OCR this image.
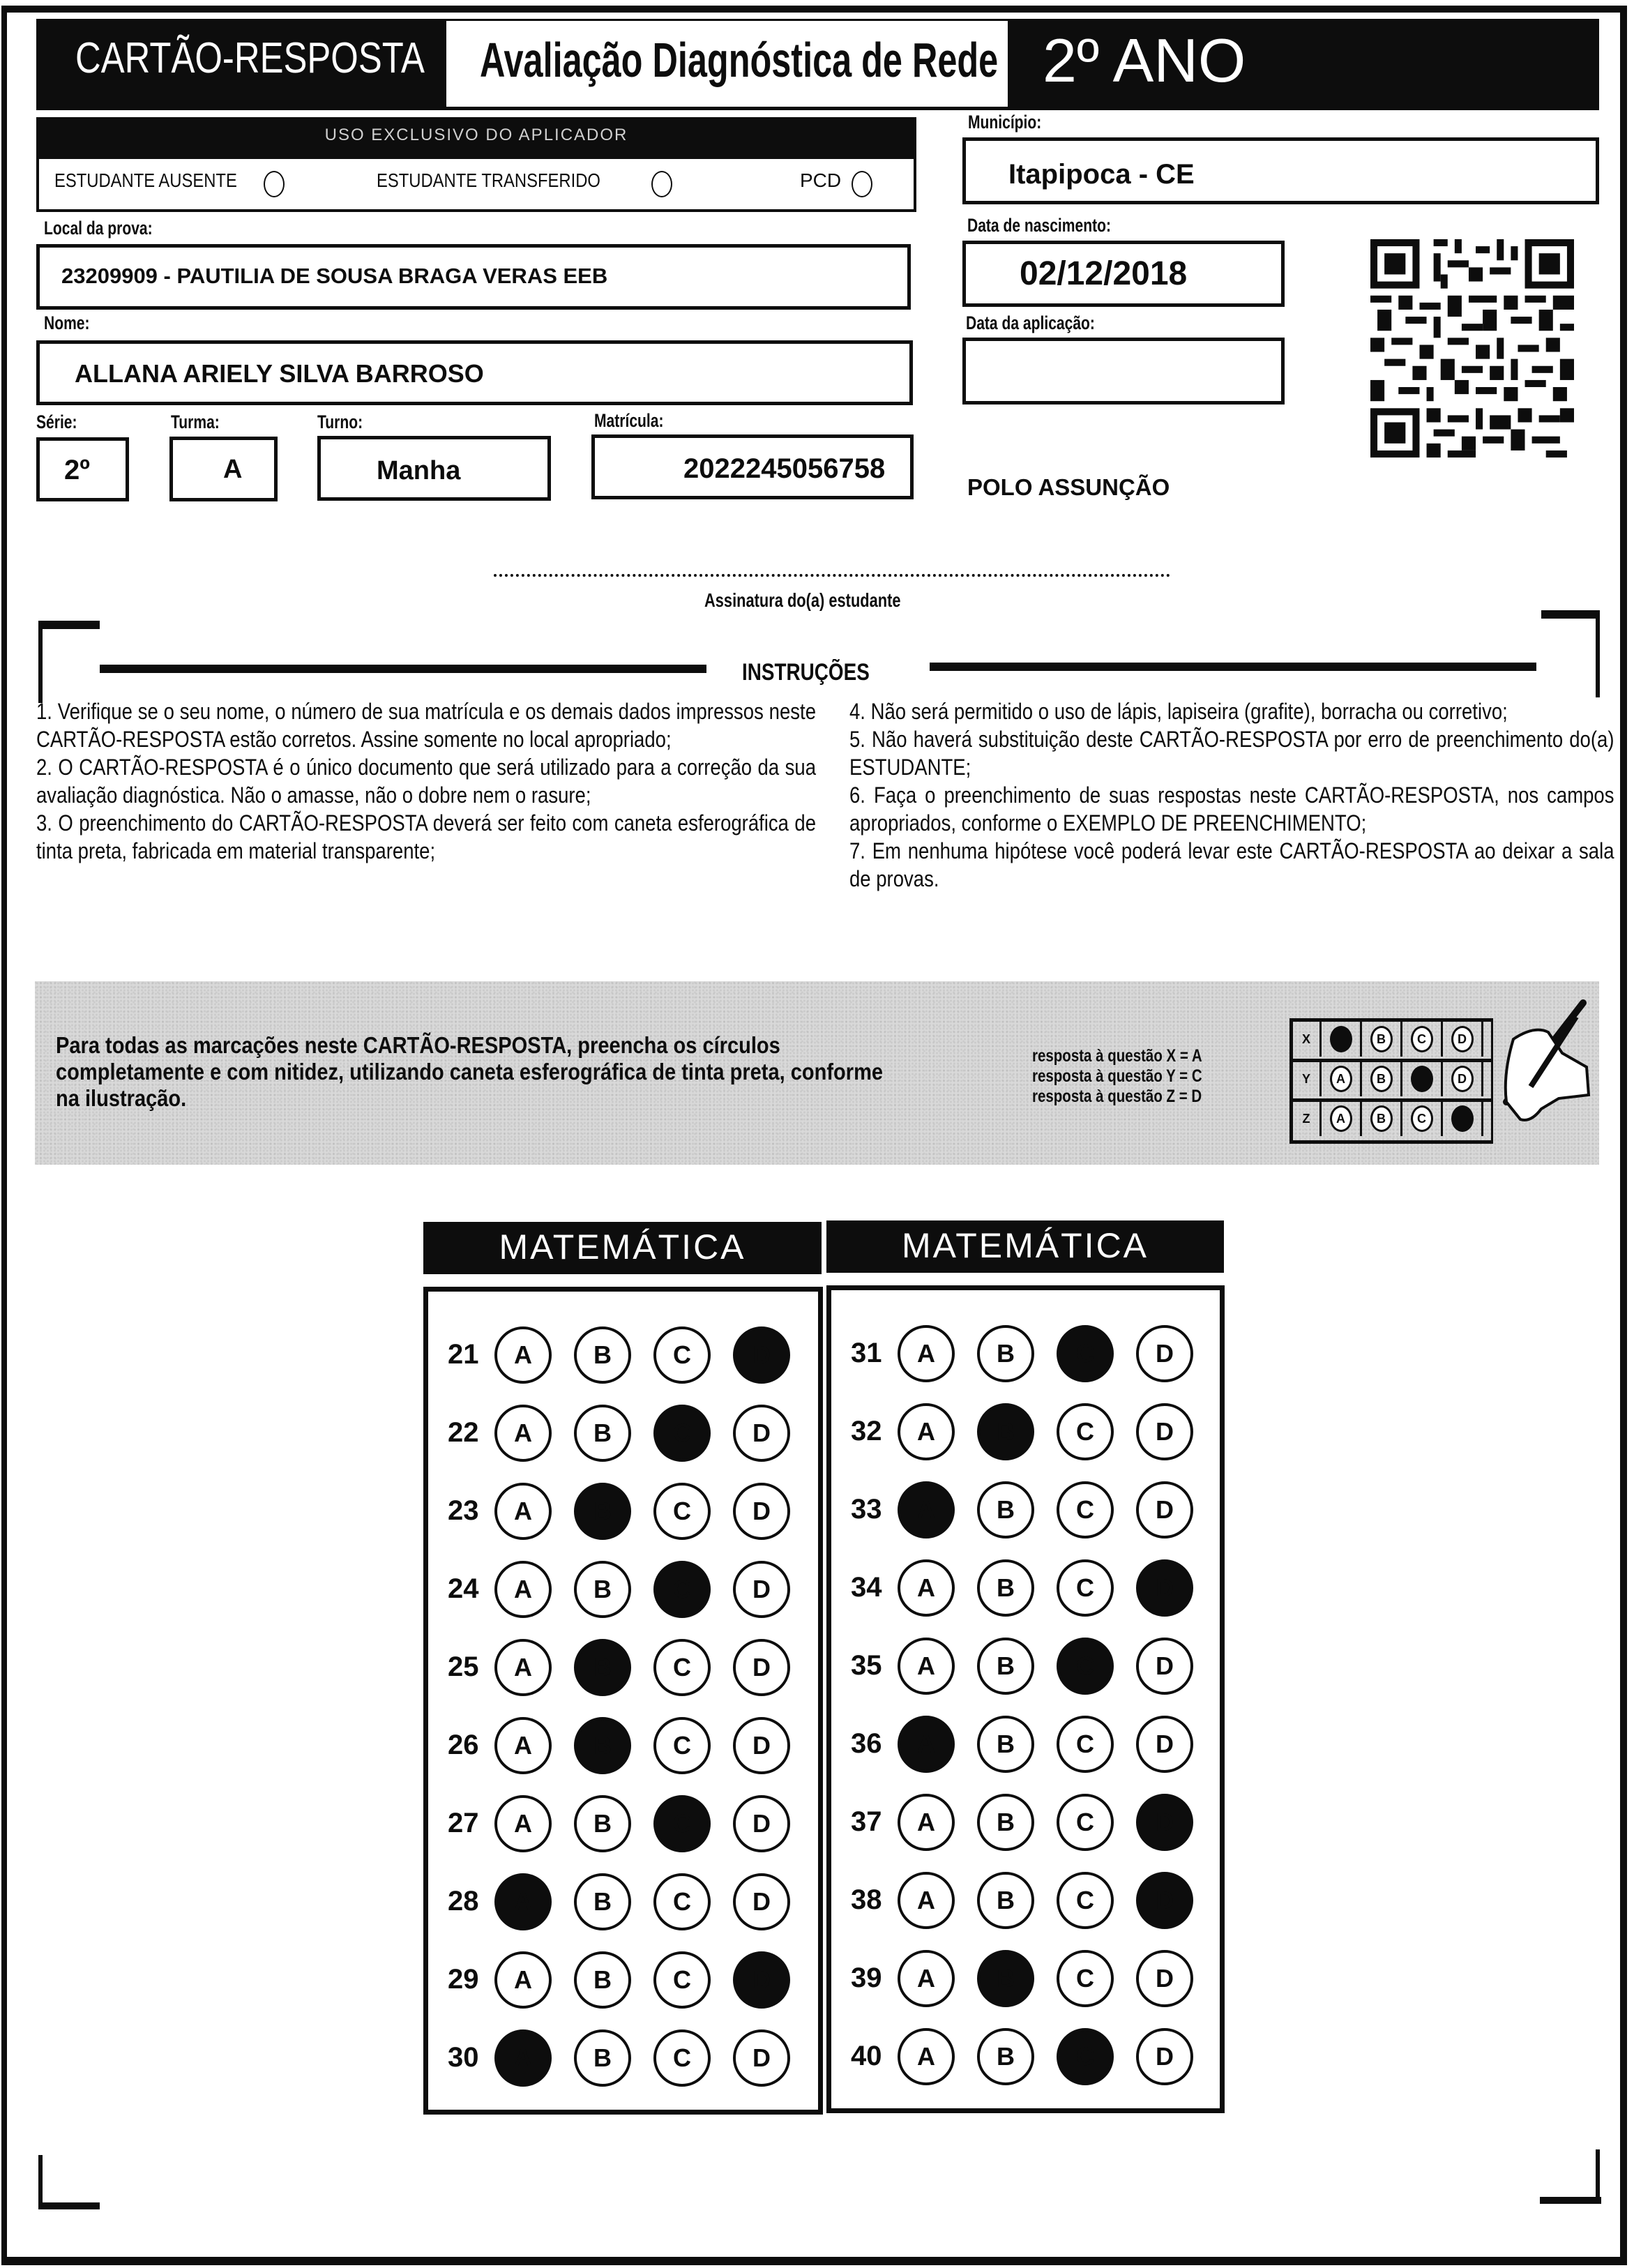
CARTÃO-RESPOSTA Avaliação Diagnóstica de Rede 2º ANO
USO EXCLUSIVO DO APLICADOR
ESTUDANTE AUSENTE	ESTUDANTE TRANSFERIDO	PCD
Local da prova:
23209909 - PAUTILIA DE SOUSA BRAGA VERAS EEB
Nome:
ALLANA ARIELY SILVA BARROSO
Série:	Turma:	Turno:	Matrícula:
2º	A	Manha	2022245056758
Município:
Itapipoca - CE
Data de nascimento:
02/12/2018
Data da aplicação:
POLO ASSUNÇÃO
Assinatura do(a) estudante
INSTRUÇÕES

1. Verifique se o seu nome, o número de sua matrícula e os demais dados impressos neste CARTÃO-RESPOSTA estão corretos. Assine somente no local apropriado;

2. O CARTÃO-RESPOSTA é o único documento que será utilizado para a correção da sua avaliação diagnóstica. Não o amasse, não o dobre nem o rasure;

3. O preenchimento do CARTÃO-RESPOSTA deverá ser feito com caneta esferográfica de tinta preta, fabricada em material transparente;

4. Não será permitido o uso de lápis, lapiseira (grafite), borracha ou corretivo;

5. Não haverá substituição deste CARTÃO-RESPOSTA por erro de preenchimento do(a) ESTUDANTE;

6. Faça o preenchimento de suas respostas neste CARTÃO-RESPOSTA, nos campos apropriados, conforme o EXEMPLO DE PREENCHIMENTO;

7. Em nenhuma hipótese você poderá levar este CARTÃO-RESPOSTA ao deixar a sala de provas.

Para todas as marcações neste CARTÃO-RESPOSTA, preencha os círculos completamente e com nitidez, utilizando caneta esferográfica de tinta preta, conforme na ilustração.
resposta à questão X = A
resposta à questão Y = C
resposta à questão Z = D
X	B	C	D
Y	A	B	D
Z	A	B	C
MATEMÁTICA	MATEMÁTICA
21	A	B	C	D
22	A	B	C	D
23	A	B	C	D
24	A	B	C	D
25	A	B	C	D
26	A	B	C	D
27	A	B	C	D
28	A	B	C	D
29	A	B	C	D
30	A	B	C	D
31	A	B	C	D
32	A	B	C	D
33	A	B	C	D
34	A	B	C	D
35	A	B	C	D
36	A	B	C	D
37	A	B	C	D
38	A	B	C	D
39	A	B	C	D
40	A	B	C	D
